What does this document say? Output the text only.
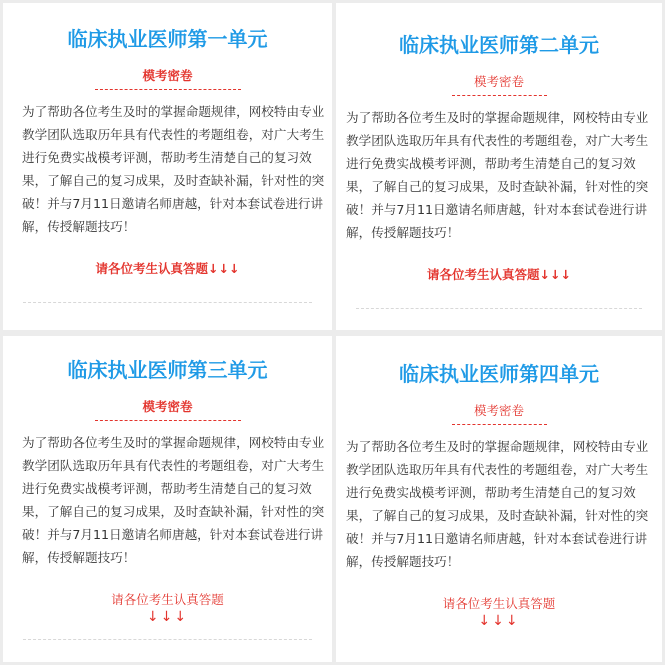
临床执业医师第一单元
模考密卷
为了帮助各位考生及时的掌握命题规律，网校特由专业
教学团队选取历年具有代表性的考题组卷，对广大考生
进行免费实战模考评测，帮助考生清楚自己的复习效
果，了解自己的复习成果，及时查缺补漏，针对性的突
破！并与7月11日邀请名师唐越，针对本套试卷进行讲
解，传授解题技巧！
请各位考生认真答题↓↓↓
临床执业医师第二单元
模考密卷
为了帮助各位考生及时的掌握命题规律，网校特由专业
教学团队选取历年具有代表性的考题组卷，对广大考生
进行免费实战模考评测，帮助考生清楚自己的复习效
果，了解自己的复习成果，及时查缺补漏，针对性的突
破！并与7月11日邀请名师唐越，针对本套试卷进行讲
解，传授解题技巧！
请各位考生认真答题↓↓↓
临床执业医师第三单元
模考密卷
为了帮助各位考生及时的掌握命题规律，网校特由专业
教学团队选取历年具有代表性的考题组卷，对广大考生
进行免费实战模考评测，帮助考生清楚自己的复习效
果，了解自己的复习成果，及时查缺补漏，针对性的突
破！并与7月11日邀请名师唐越，针对本套试卷进行讲
解，传授解题技巧！
请各位考生认真答题
↓↓↓
临床执业医师第四单元
模考密卷
为了帮助各位考生及时的掌握命题规律，网校特由专业
教学团队选取历年具有代表性的考题组卷，对广大考生
进行免费实战模考评测，帮助考生清楚自己的复习效
果，了解自己的复习成果，及时查缺补漏，针对性的突
破！并与7月11日邀请名师唐越，针对本套试卷进行讲
解，传授解题技巧！
请各位考生认真答题
↓↓↓
